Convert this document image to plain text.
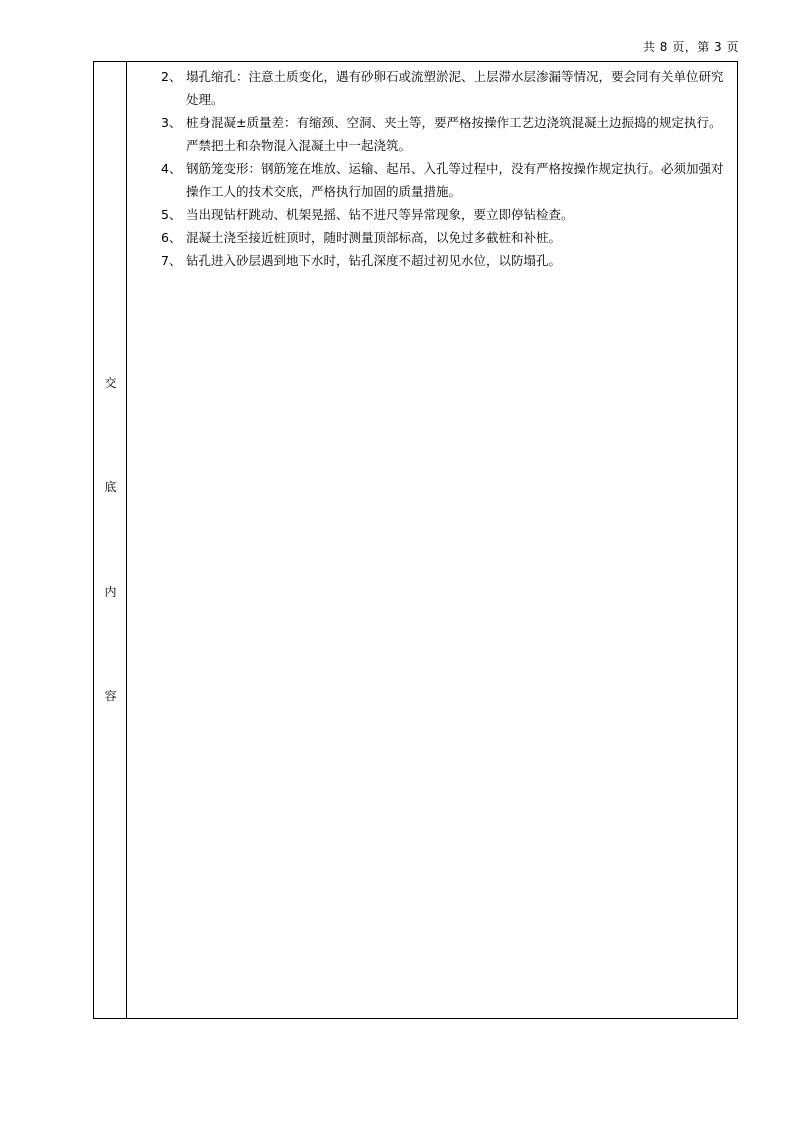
共 8 页，第 3 页
交
底
内
容

2、 塌孔缩孔：注意土质变化，遇有砂卵石或流塑淤泥、上层滞水层渗漏等情况，要会同有关单位研究处理。

3、 桩身混凝±质量差：有缩颈、空洞、夹土等，要严格按操作工艺边浇筑混凝土边振捣的规定执行。严禁把土和杂物混入混凝土中一起浇筑。

4、 钢筋笼变形：钢筋笼在堆放、运输、起吊、入孔等过程中，没有严格按操作规定执行。必须加强对操作工人的技术交底，严格执行加固的质量措施。

5、 当出现钻杆跳动、机架晃摇、钻不进尺等异常现象，要立即停钻检查。

6、 混凝土浇至接近桩顶时，随时测量顶部标高，以免过多截桩和补桩。

7、 钻孔进入砂层遇到地下水时，钻孔深度不超过初见水位，以防塌孔。
